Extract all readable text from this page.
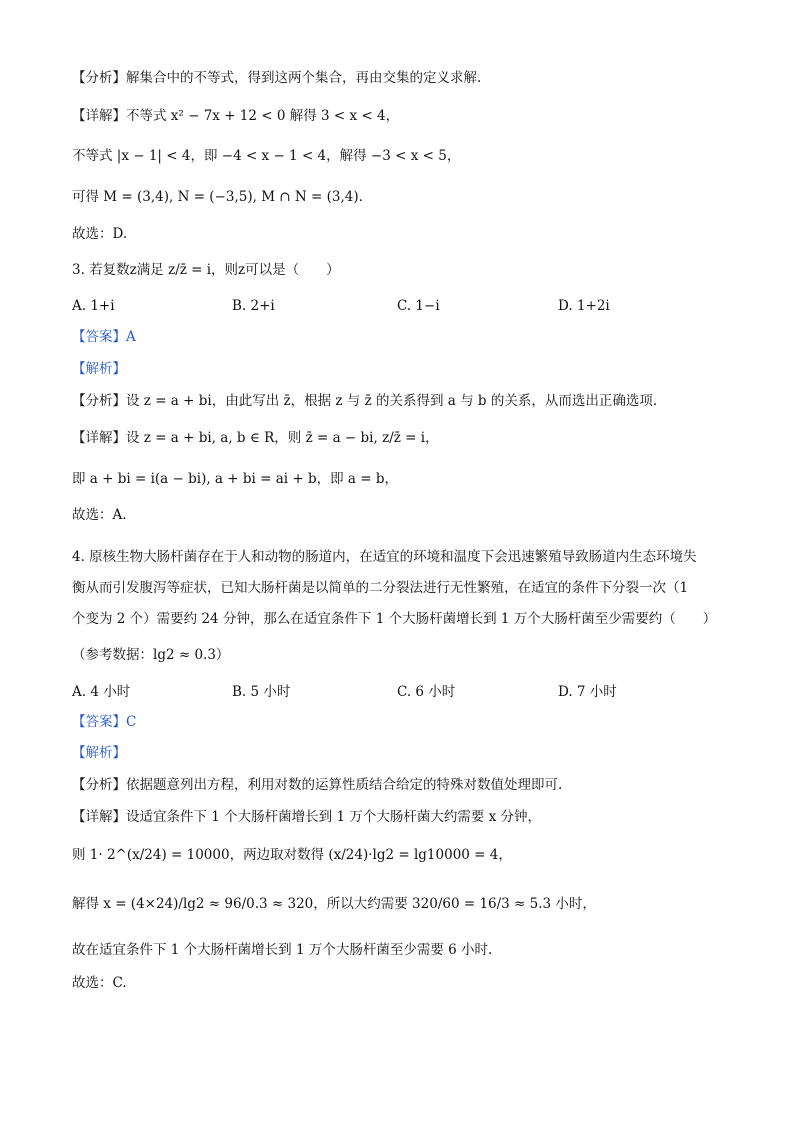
【分析】解集合中的不等式，得到这两个集合，再由交集的定义求解.
【详解】不等式 x² − 7x + 12 < 0 解得 3 < x < 4，
不等式 |x − 1| < 4，即 −4 < x − 1 < 4，解得 −3 < x < 5，
可得 M = (3,4), N = (−3,5), M ∩ N = (3,4)．
故选：D.
3. 若复数z满足 z/z̄ = i，则z可以是（　　）
A. 1+i	B. 2+i	C. 1−i	D. 1+2i
【答案】A
【解析】
【分析】设 z = a + bi，由此写出 z̄，根据 z 与 z̄ 的关系得到 a 与 b 的关系，从而选出正确选项.
【详解】设 z = a + bi, a, b ∈ R，则 z̄ = a − bi, z/z̄ = i，
即 a + bi = i(a − bi), a + bi = ai + b，即 a = b，
故选：A.
4. 原核生物大肠杆菌存在于人和动物的肠道内，在适宜的环境和温度下会迅速繁殖导致肠道内生态环境失
衡从而引发腹泻等症状，已知大肠杆菌是以简单的二分裂法进行无性繁殖，在适宜的条件下分裂一次（1
个变为 2 个）需要约 24 分钟，那么在适宜条件下 1 个大肠杆菌增长到 1 万个大肠杆菌至少需要约（　　）
（参考数据：lg2 ≈ 0.3）
A. 4 小时	B. 5 小时	C. 6 小时	D. 7 小时
【答案】C
【解析】
【分析】依据题意列出方程，利用对数的运算性质结合给定的特殊对数值处理即可.
【详解】设适宜条件下 1 个大肠杆菌增长到 1 万个大肠杆菌大约需要 x 分钟，
则 1· 2^(x/24) = 10000，两边取对数得 (x/24)·lg2 = lg10000 = 4，
解得 x = (4×24)/lg2 ≈ 96/0.3 ≈ 320，所以大约需要 320/60 = 16/3 ≈ 5.3 小时，
故在适宜条件下 1 个大肠杆菌增长到 1 万个大肠杆菌至少需要 6 小时.
故选：C.
